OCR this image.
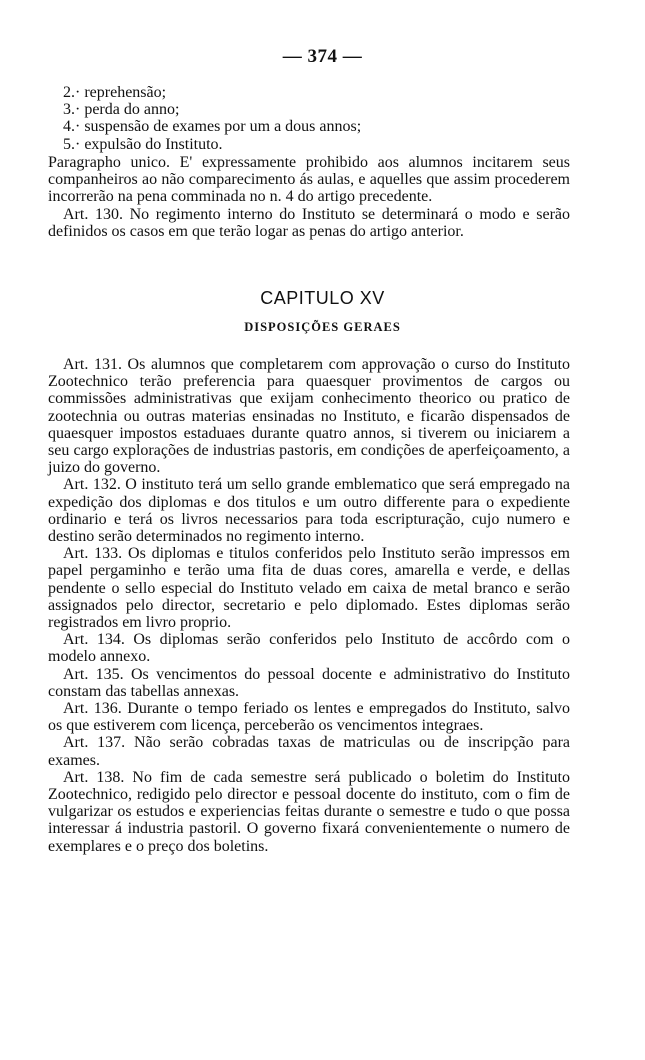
— 374 —
2.· reprehensão;
3.· perda do anno;
4.· suspensão de exames por um a dous annos;
5.· expulsão do Instituto.

Paragrapho unico. E' expressamente prohibido aos alumnos incitarem seus companheiros ao não comparecimento ás aulas, e aquelles que assim procederem incorrerão na pena comminada no n. 4 do artigo precedente.

Art. 130. No regimento interno do Instituto se determinará o modo e serão definidos os casos em que terão logar as penas do artigo anterior.

CAPITULO XV
DISPOSIÇÕES GERAES

Art. 131. Os alumnos que completarem com approvação o curso do Instituto Zootechnico terão preferencia para quaesquer provimentos de cargos ou commissões administrativas que exijam conhecimento theorico ou pratico de zootechnia ou outras materias ensinadas no Instituto, e ficarão dispensados de quaesquer impostos estaduaes durante quatro annos, si tiverem ou iniciarem a seu cargo explorações de industrias pastoris, em condições de aperfeiçoamento, a juizo do governo.

Art. 132. O instituto terá um sello grande emblematico que será empregado na expedição dos diplomas e dos titulos e um outro differente para o expediente ordinario e terá os livros necessarios para toda escripturação, cujo numero e destino serão determinados no regimento interno.

Art. 133. Os diplomas e titulos conferidos pelo Instituto serão impressos em papel pergaminho e terão uma fita de duas cores, amarella e verde, e dellas pendente o sello especial do Instituto velado em caixa de metal branco e serão assignados pelo director, secretario e pelo diplomado. Estes diplomas serão registrados em livro proprio.

Art. 134. Os diplomas serão conferidos pelo Instituto de accôrdo com o modelo annexo.

Art. 135. Os vencimentos do pessoal docente e administrativo do Instituto constam das tabellas annexas.

Art. 136. Durante o tempo feriado os lentes e empregados do Instituto, salvo os que estiverem com licença, perceberão os vencimentos integraes.

Art. 137. Não serão cobradas taxas de matriculas ou de inscripção para exames.

Art. 138. No fim de cada semestre será publicado o boletim do Instituto Zootechnico, redigido pelo director e pessoal docente do instituto, com o fim de vulgarizar os estudos e experiencias feitas durante o semestre e tudo o que possa interessar á industria pastoril. O governo fixará convenientemente o numero de exemplares e o preço dos boletins.
